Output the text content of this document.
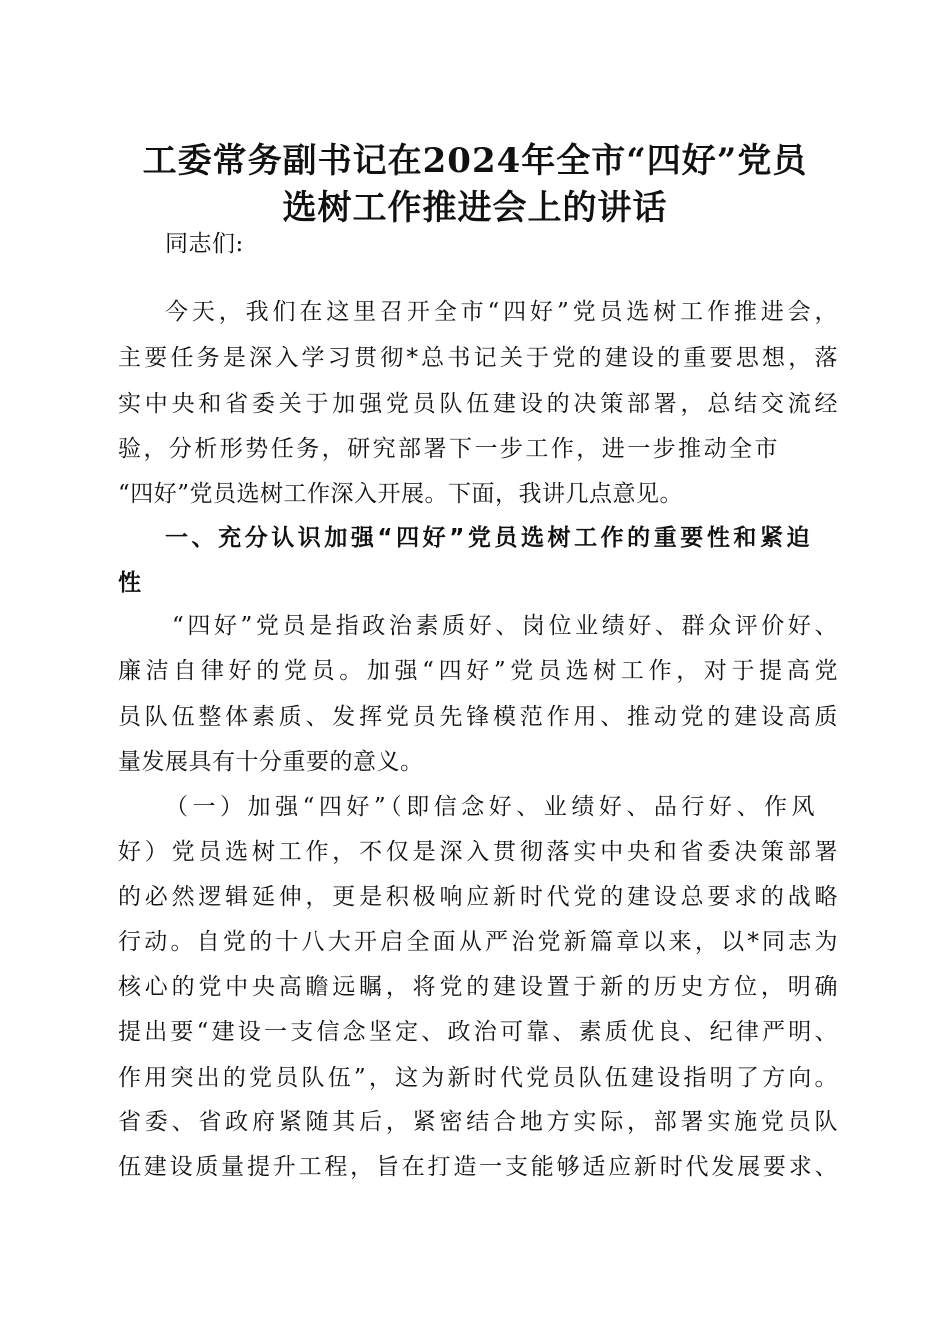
工委常务副书记在2024年全市“四好”党员
选树工作推进会上的讲话
同志们:
今天，我们在这里召开全市“四好”党员选树工作推进会，
主要任务是深入学习贯彻*总书记关于党的建设的重要思想，落
实中央和省委关于加强党员队伍建设的决策部署，总结交流经
验，分析形势任务，研究部署下一步工作，进一步推动全市
“四好”党员选树工作深入开展。下面，我讲几点意见。
一、充分认识加强“四好”党员选树工作的重要性和紧迫
性
“四好”党员是指政治素质好、岗位业绩好、群众评价好、
廉洁自律好的党员。加强“四好”党员选树工作，对于提高党
员队伍整体素质、发挥党员先锋模范作用、推动党的建设高质
量发展具有十分重要的意义。
（一）加强“四好”（即信念好、业绩好、品行好、作风
好）党员选树工作，不仅是深入贯彻落实中央和省委决策部署
的必然逻辑延伸，更是积极响应新时代党的建设总要求的战略
行动。自党的十八大开启全面从严治党新篇章以来，以*同志为
核心的党中央高瞻远瞩，将党的建设置于新的历史方位，明确
提出要“建设一支信念坚定、政治可靠、素质优良、纪律严明、
作用突出的党员队伍”，这为新时代党员队伍建设指明了方向。
省委、省政府紧随其后，紧密结合地方实际，部署实施党员队
伍建设质量提升工程，旨在打造一支能够适应新时代发展要求、
